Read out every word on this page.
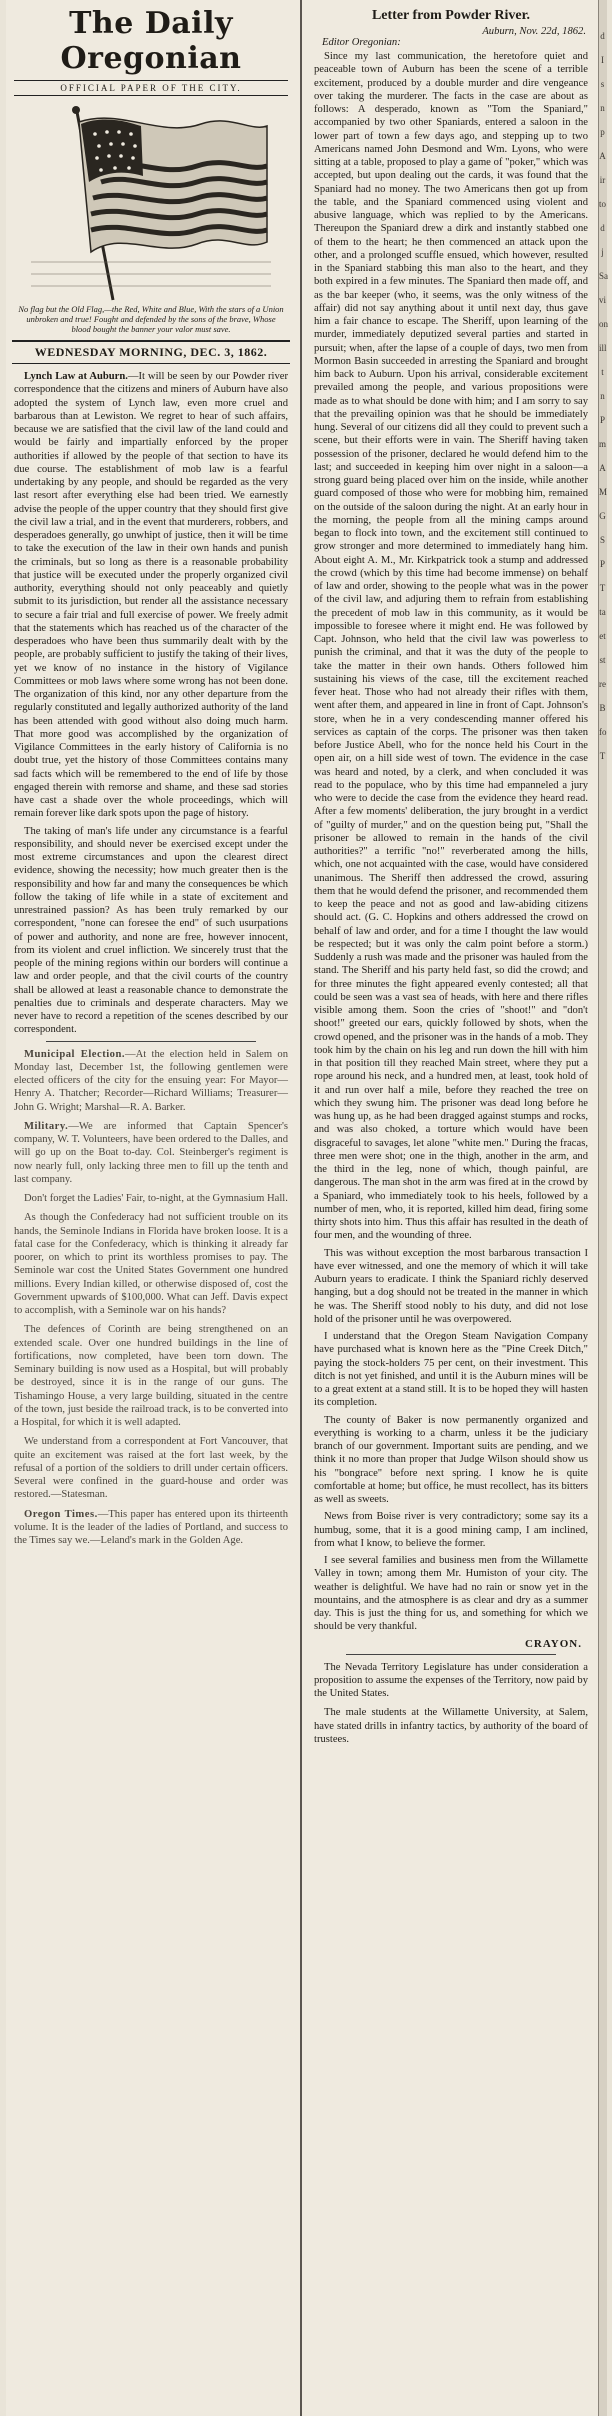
The Daily Oregonian
OFFICIAL PAPER OF THE CITY.
No flag but the Old Flag,—the Red, White and Blue, With the stars of a Union unbroken and true! Fought and defended by the sons of the brave, Whose blood bought the banner your valor must save.
WEDNESDAY MORNING, DEC. 3, 1862.

Lynch Law at Auburn.—It will be seen by our Powder river correspondence that the citizens and miners of Auburn have also adopted the system of Lynch law, even more cruel and barbarous than at Lewiston. We regret to hear of such affairs, because we are satisfied that the civil law of the land could and would be fairly and impartially enforced by the proper authorities if allowed by the people of that section to have its due course. The establishment of mob law is a fearful undertaking by any people, and should be regarded as the very last resort after everything else had been tried. We earnestly advise the people of the upper country that they should first give the civil law a trial, and in the event that murderers, robbers, and desperadoes generally, go unwhipt of justice, then it will be time to take the execution of the law in their own hands and punish the criminals, but so long as there is a reasonable probability that justice will be executed under the properly organized civil authority, everything should not only peaceably and quietly submit to its jurisdiction, but render all the assistance necessary to secure a fair trial and full exercise of power. We freely admit that the statements which has reached us of the character of the desperadoes who have been thus summarily dealt with by the people, are probably sufficient to justify the taking of their lives, yet we know of no instance in the history of Vigilance Committees or mob laws where some wrong has not been done. The organization of this kind, nor any other departure from the regularly constituted and legally authorized authority of the land has been attended with good without also doing much harm. That more good was accomplished by the organization of Vigilance Committees in the early history of California is no doubt true, yet the history of those Committees contains many sad facts which will be remembered to the end of life by those engaged therein with remorse and shame, and these sad stories have cast a shade over the whole proceedings, which will remain forever like dark spots upon the page of history.

The taking of man's life under any circumstance is a fearful responsibility, and should never be exercised except under the most extreme circumstances and upon the clearest direct evidence, showing the necessity; how much greater then is the responsibility and how far and many the consequences be which follow the taking of life while in a state of excitement and unrestrained passion? As has been truly remarked by our correspondent, "none can foresee the end" of such usurpations of power and authority, and none are free, however innocent, from its violent and cruel infliction. We sincerely trust that the people of the mining regions within our borders will continue a law and order people, and that the civil courts of the country shall be allowed at least a reasonable chance to demonstrate the penalties due to criminals and desperate characters. May we never have to record a repetition of the scenes described by our correspondent.

Municipal Election.—At the election held in Salem on Monday last, December 1st, the following gentlemen were elected officers of the city for the ensuing year: For Mayor—Henry A. Thatcher; Recorder—Richard Williams; Treasurer—John G. Wright; Marshal—R. A. Barker.
Military.—We are informed that Captain Spencer's company, W. T. Volunteers, have been ordered to the Dalles, and will go up on the Boat to-day. Col. Steinberger's regiment is now nearly full, only lacking three men to fill up the tenth and last company.
Don't forget the Ladies' Fair, to-night, at the Gymnasium Hall.
As though the Confederacy had not sufficient trouble on its hands, the Seminole Indians in Florida have broken loose. It is a fatal case for the Confederacy, which is thinking it already far poorer, on which to print its worthless promises to pay. The Seminole war cost the United States Government one hundred millions. Every Indian killed, or otherwise disposed of, cost the Government upwards of $100,000. What can Jeff. Davis expect to accomplish, with a Seminole war on his hands?
The defences of Corinth are being strengthened on an extended scale. Over one hundred buildings in the line of fortifications, now completed, have been torn down. The Seminary building is now used as a Hospital, but will probably be destroyed, since it is in the range of our guns. The Tishamingo House, a very large building, situated in the centre of the town, just beside the railroad track, is to be converted into a Hospital, for which it is well adapted.
We understand from a correspondent at Fort Vancouver, that quite an excitement was raised at the fort last week, by the refusal of a portion of the soldiers to drill under certain officers. Several were confined in the guard-house and order was restored.—Statesman.
Oregon Times.—This paper has entered upon its thirteenth volume. It is the leader of the ladies of Portland, and success to the Times say we.—Leland's mark in the Golden Age.
Letter from Powder River.
Auburn, Nov. 22d, 1862.
Editor Oregonian:

Since my last communication, the heretofore quiet and peaceable town of Auburn has been the scene of a terrible excitement, produced by a double murder and dire vengeance over taking the murderer. The facts in the case are about as follows: A desperado, known as "Tom the Spaniard," accompanied by two other Spaniards, entered a saloon in the lower part of town a few days ago, and stepping up to two Americans named John Desmond and Wm. Lyons, who were sitting at a table, proposed to play a game of "poker," which was accepted, but upon dealing out the cards, it was found that the Spaniard had no money. The two Americans then got up from the table, and the Spaniard commenced using violent and abusive language, which was replied to by the Americans. Thereupon the Spaniard drew a dirk and instantly stabbed one of them to the heart; he then commenced an attack upon the other, and a prolonged scuffle ensued, which however, resulted in the Spaniard stabbing this man also to the heart, and they both expired in a few minutes. The Spaniard then made off, and as the bar keeper (who, it seems, was the only witness of the affair) did not say anything about it until next day, thus gave him a fair chance to escape. The Sheriff, upon learning of the murder, immediately deputized several parties and started in pursuit; when, after the lapse of a couple of days, two men from Mormon Basin succeeded in arresting the Spaniard and brought him back to Auburn. Upon his arrival, considerable excitement prevailed among the people, and various propositions were made as to what should be done with him; and I am sorry to say that the prevailing opinion was that he should be immediately hung. Several of our citizens did all they could to prevent such a scene, but their efforts were in vain. The Sheriff having taken possession of the prisoner, declared he would defend him to the last; and succeeded in keeping him over night in a saloon—a strong guard being placed over him on the inside, while another guard composed of those who were for mobbing him, remained on the outside of the saloon during the night. At an early hour in the morning, the people from all the mining camps around began to flock into town, and the excitement still continued to grow stronger and more determined to immediately hang him. About eight A. M., Mr. Kirkpatrick took a stump and addressed the crowd (which by this time had become immense) on behalf of law and order, showing to the people what was in the power of the civil law, and adjuring them to refrain from establishing the precedent of mob law in this community, as it would be impossible to foresee where it might end. He was followed by Capt. Johnson, who held that the civil law was powerless to punish the criminal, and that it was the duty of the people to take the matter in their own hands. Others followed him sustaining his views of the case, till the excitement reached fever heat. Those who had not already their rifles with them, went after them, and appeared in line in front of Capt. Johnson's store, when he in a very condescending manner offered his services as captain of the corps. The prisoner was then taken before Justice Abell, who for the nonce held his Court in the open air, on a hill side west of town. The evidence in the case was heard and noted, by a clerk, and when concluded it was read to the populace, who by this time had empanneled a jury who were to decide the case from the evidence they heard read. After a few moments' deliberation, the jury brought in a verdict of "guilty of murder," and on the question being put, "Shall the prisoner be allowed to remain in the hands of the civil authorities?" a terrific "no!" reverberated among the hills, which, one not acquainted with the case, would have considered unanimous. The Sheriff then addressed the crowd, assuring them that he would defend the prisoner, and recommended them to keep the peace and not as good and law-abiding citizens should act. (G. C. Hopkins and others addressed the crowd on behalf of law and order, and for a time I thought the law would be respected; but it was only the calm point before a storm.) Suddenly a rush was made and the prisoner was hauled from the stand. The Sheriff and his party held fast, so did the crowd; and for three minutes the fight appeared evenly contested; all that could be seen was a vast sea of heads, with here and there rifles visible among them. Soon the cries of "shoot!" and "don't shoot!" greeted our ears, quickly followed by shots, when the crowd opened, and the prisoner was in the hands of a mob. They took him by the chain on his leg and run down the hill with him in that position till they reached Main street, where they put a rope around his neck, and a hundred men, at least, took hold of it and run over half a mile, before they reached the tree on which they swung him. The prisoner was dead long before he was hung up, as he had been dragged against stumps and rocks, and was also choked, a torture which would have been disgraceful to savages, let alone "white men." During the fracas, three men were shot; one in the thigh, another in the arm, and the third in the leg, none of which, though painful, are dangerous. The man shot in the arm was fired at in the crowd by a Spaniard, who immediately took to his heels, followed by a number of men, who, it is reported, killed him dead, firing some thirty shots into him. Thus this affair has resulted in the death of four men, and the wounding of three.

This was without exception the most barbarous transaction I have ever witnessed, and one the memory of which it will take Auburn years to eradicate. I think the Spaniard richly deserved hanging, but a dog should not be treated in the manner in which he was. The Sheriff stood nobly to his duty, and did not lose hold of the prisoner until he was overpowered.

I understand that the Oregon Steam Navigation Company have purchased what is known here as the "Pine Creek Ditch," paying the stock-holders 75 per cent, on their investment. This ditch is not yet finished, and until it is the Auburn mines will be to a great extent at a stand still. It is to be hoped they will hasten its completion.

The county of Baker is now permanently organized and everything is working to a charm, unless it be the judiciary branch of our government. Important suits are pending, and we think it no more than proper that Judge Wilson should show us his "bongrace" before next spring. I know he is quite comfortable at home; but office, he must recollect, has its bitters as well as sweets.

News from Boise river is very contradictory; some say its a humbug, some, that it is a good mining camp, I am inclined, from what I know, to believe the former.

I see several families and business men from the Willamette Valley in town; among them Mr. Humiston of your city. The weather is delightful. We have had no rain or snow yet in the mountains, and the atmosphere is as clear and dry as a summer day. This is just the thing for us, and something for which we should be very thankful.

CRAYON.
The Nevada Territory Legislature has under consideration a proposition to assume the expenses of the Territory, now paid by the United States.
The male students at the Willamette University, at Salem, have stated drills in infantry tactics, by authority of the board of trustees.
d
I
s
n
p
A
ir
to
d
j
Sa
vi
on
ill
t
n
P
m
A
M
G
S
P
T
ta
et
st
re
B
fo
T
